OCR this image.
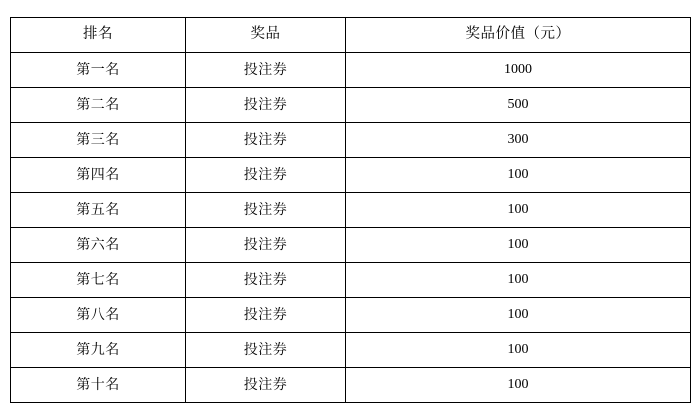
排名	奖品	奖品价值（元）
第一名	投注券	1000
第二名	投注券	500
第三名	投注券	300
第四名	投注券	100
第五名	投注券	100
第六名	投注券	100
第七名	投注券	100
第八名	投注券	100
第九名	投注券	100
第十名	投注券	100
